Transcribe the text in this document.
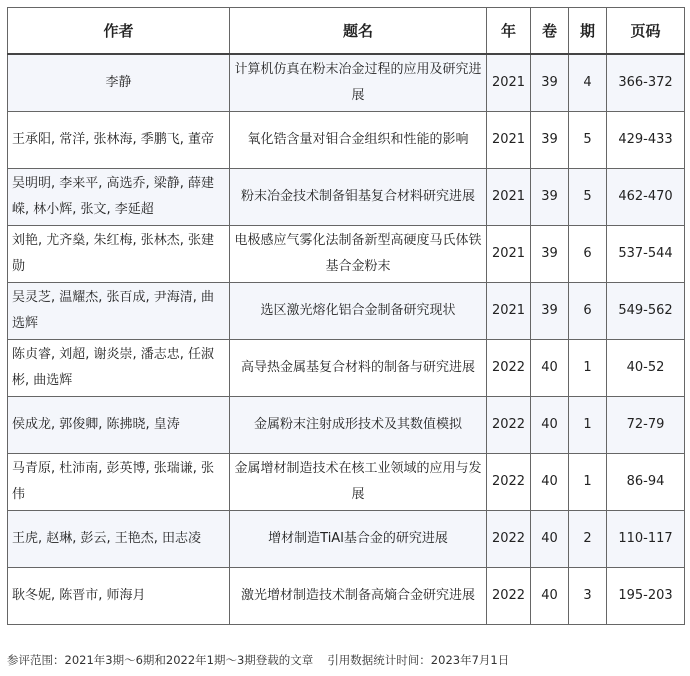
作者	题名	年	卷	期	页码
李静	计算机仿真在粉末冶金过程的应用及研究进展	2021	39	4	366-372
王承阳, 常洋, 张林海, 季鹏飞, 董帝	氧化锆含量对钼合金组织和性能的影响	2021	39	5	429-433
吴明明, 李来平, 高选乔, 梁静, 薛建嵘, 林小辉, 张文, 李延超	粉末冶金技术制备钼基复合材料研究进展	2021	39	5	462-470
刘艳, 尤齐燊, 朱红梅, 张林杰, 张建勋	电极感应气雾化法制备新型高硬度马氏体铁基合金粉末	2021	39	6	537-544
吴灵芝, 温耀杰, 张百成, 尹海清, 曲选辉	选区激光熔化铝合金制备研究现状	2021	39	6	549-562
陈贞睿, 刘超, 谢炎崇, 潘志忠, 任淑彬, 曲选辉	高导热金属基复合材料的制备与研究进展	2022	40	1	40-52
侯成龙, 郭俊卿, 陈拂晓, 皇涛	金属粉末注射成形技术及其数值模拟	2022	40	1	72-79
马青原, 杜沛南, 彭英博, 张瑞谦, 张伟	金属增材制造技术在核工业领域的应用与发展	2022	40	1	86-94
王虎, 赵琳, 彭云, 王艳杰, 田志凌	增材制造TiAl基合金的研究进展	2022	40	2	110-117
耿冬妮, 陈晋市, 师海月	激光增材制造技术制备高熵合金研究进展	2022	40	3	195-203
参评范围：2021年3期～6期和2022年1期～3期登载的文章 引用数据统计时间：2023年7月1日
